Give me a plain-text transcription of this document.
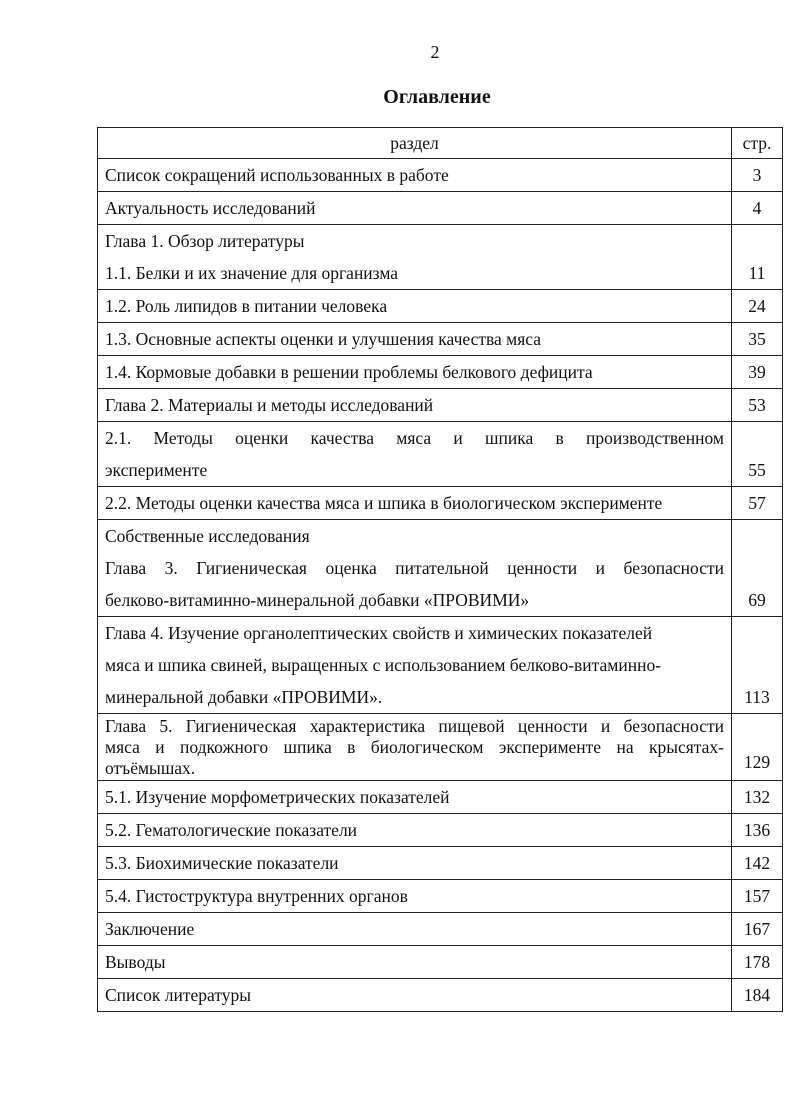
2
Оглавление
раздел	стр.
Список сокращений использованных в работе	3
Актуальность исследований	4

Глава 1. Обзор литературы
1.1. Белки и их значение для организма	11
1.2. Роль липидов в питании человека	24
1.3. Основные аспекты оценки и улучшения качества мяса	35
1.4. Кормовые добавки в решении проблемы белкового дефицита	39
Глава 2. Материалы и методы исследований	53

2.1. Методы оценки качества мяса и шпика в производственном
эксперименте	55
2.2. Методы оценки качества мяса и шпика в биологическом эксперименте	57

Собственные исследования
Глава 3. Гигиеническая оценка питательной ценности и безопасности
белково-витаминно-минеральной добавки «ПРОВИМИ»	69

Глава 4. Изучение органолептических свойств и химических показателей
мяса и шпика свиней, выращенных с использованием белково-витаминно-
минеральной добавки «ПРОВИМИ».	113

Глава 5. Гигиеническая характеристика пищевой ценности и безопасности
мяса и подкожного шпика в биологическом эксперименте на крысятах-
отъёмышах.	129
5.1. Изучение морфометрических показателей	132
5.2. Гематологические показатели	136
5.3. Биохимические показатели	142
5.4. Гистоструктура внутренних органов	157
Заключение	167
Выводы	178
Список литературы	184
